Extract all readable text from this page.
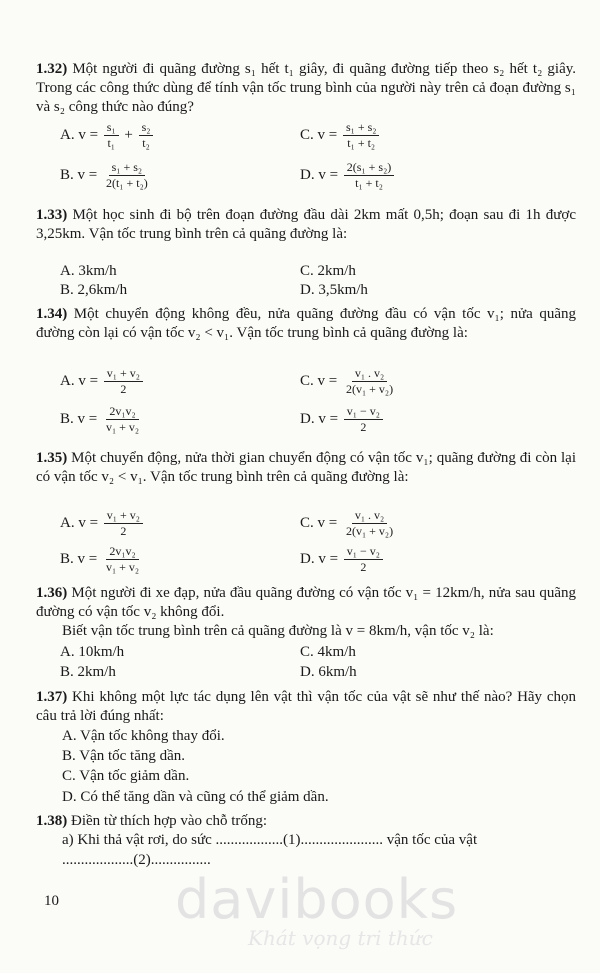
1.32) Một người đi quãng đường s₁ hết t₁ giây, đi quãng đường tiếp theo s₂ hết t₂ giây. Trong các công thức dùng để tính vận tốc trung bình của người này trên cả đoạn đường s₁ và s₂ công thức nào đúng?
A. $v = \frac{\text{s₁}}{\text{t₁}} + \frac{\text{s₂}}{\text{t₂}}$	C. $v = \frac{\text{s₁ + s₂}}{\text{t₁ + t₂}}$
B. $v = \frac{\text{s₁ + s₂}}{\text{2(t₁ + t₂)}}$	D. $v = \frac{\text{2(s₁ + s₂)}}{\text{t₁ + t₂}}$
1.33) Một học sinh đi bộ trên đoạn đường đầu dài 2km mất 0,5h; đoạn sau đi 1h được 3,25km. Vận tốc trung bình trên cả quãng đường là:
A. 3km/h	C. 2km/h
B. 2,6km/h	D. 3,5km/h
1.34) Một chuyển động không đều, nửa quãng đường đầu có vận tốc v₁; nửa quãng đường còn lại có vận tốc v₂ < v₁. Vận tốc trung bình cả quãng đường là:
A. $v = \frac{\text{v₁ + v₂}}{2}$	C. $v = \frac{\text{v₁ . v₂}}{\text{2(v₁ + v₂)}}$
B. $v = \frac{\text{2v₁v₂}}{\text{v₁ + v₂}}$	D. $v = \frac{\text{v₁ − v₂}}{2}$
1.35) Một chuyển động, nửa thời gian chuyển động có vận tốc v₁; quãng đường đi còn lại có vận tốc v₂ < v₁. Vận tốc trung bình trên cả quãng đường là:
A. $v = \frac{\text{v₁ + v₂}}{2}$	C. $v = \frac{\text{v₁ . v₂}}{\text{2(v₁ + v₂)}}$
B. $v = \frac{\text{2v₁v₂}}{\text{v₁ + v₂}}$	D. $v = \frac{\text{v₁ − v₂}}{2}$
1.36) Một người đi xe đạp, nửa đầu quãng đường có vận tốc v₁ = 12km/h, nửa sau quãng đường có vận tốc v₂ không đổi.
Biết vận tốc trung bình trên cả quãng đường là v = 8km/h, vận tốc v₂ là:
A. 10km/h	C. 4km/h
B. 2km/h	D. 6km/h
1.37) Khi không một lực tác dụng lên vật thì vận tốc của vật sẽ như thế nào? Hãy chọn câu trả lời đúng nhất:
A. Vận tốc không thay đổi.
B. Vận tốc tăng dần.
C. Vận tốc giảm dần.
D. Có thể tăng dần và cũng có thể giảm dần.
1.38) Điền từ thích hợp vào chỗ trống:
a) Khi thả vật rơi, do sức ..................(1)...................... vận tốc của vật
...................(2)................
davibooks
Khát vọng tri thức
10
